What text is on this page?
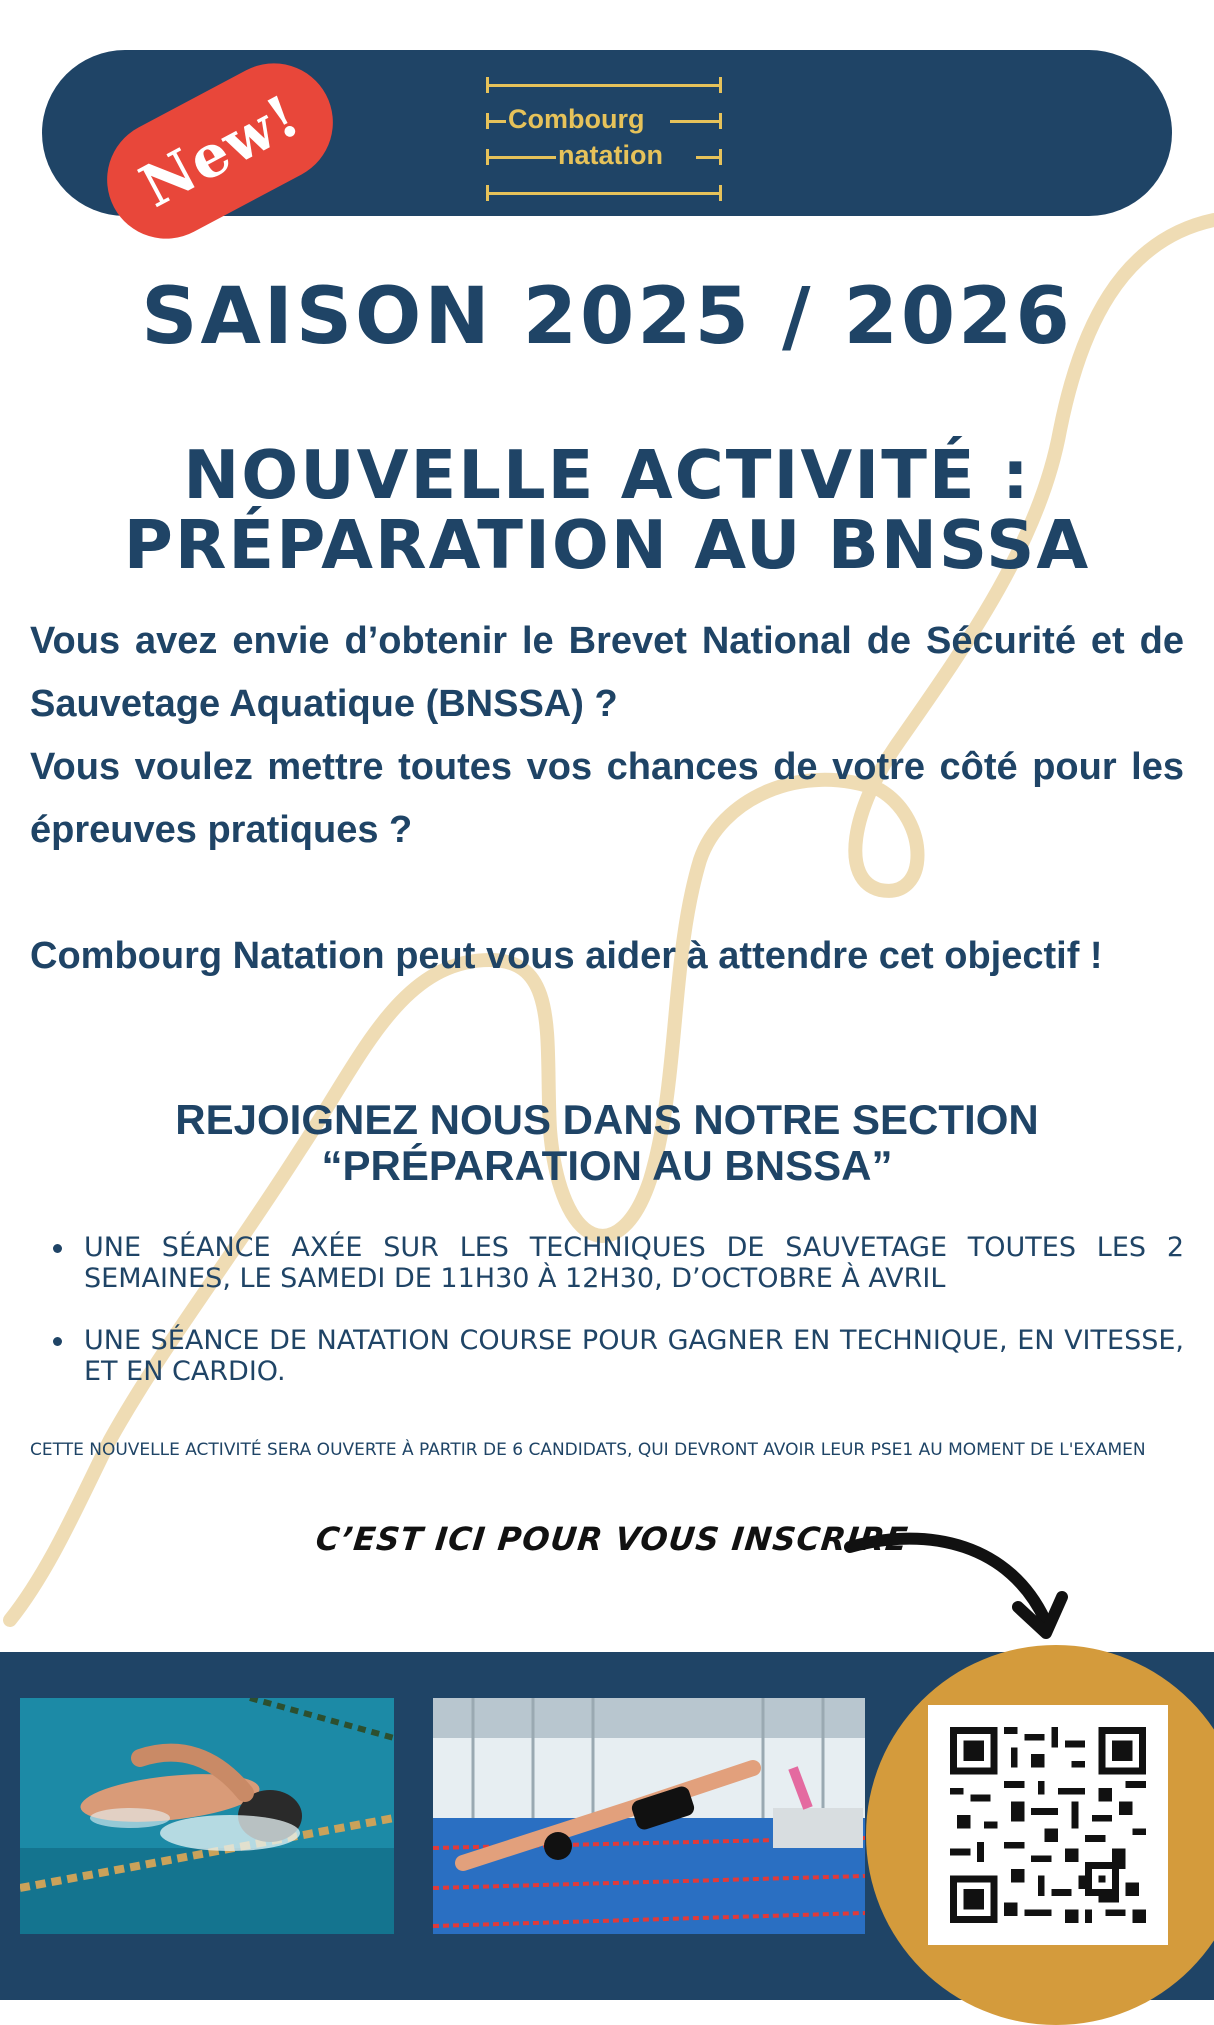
New!	Combourg
natation
SAISON 2025 / 2026
NOUVELLE ACTIVITÉ :
PRÉPARATION AU BNSSA

Vous avez envie d’obtenir le Brevet National de Sécurité et de Sauvetage Aquatique (BNSSA) ?

Vous voulez mettre toutes vos chances de votre côté pour les épreuves pratiques ?

Combourg Natation peut vous aider à attendre cet objectif !

REJOIGNEZ NOUS DANS NOTRE SECTION
“PRÉPARATION AU BNSSA”
UNE SÉANCE AXÉE SUR LES TECHNIQUES DE SAUVETAGE TOUTES LES 2 SEMAINES, LE SAMEDI DE 11H30 À 12H30, D’OCTOBRE À AVRIL
UNE SÉANCE DE NATATION COURSE POUR GAGNER EN TECHNIQUE, EN VITESSE, ET EN CARDIO.

CETTE NOUVELLE ACTIVITÉ SERA OUVERTE À PARTIR DE 6 CANDIDATS, QUI DEVRONT AVOIR LEUR PSE1 AU MOMENT DE L'EXAMEN

C’EST ICI POUR VOUS INSCRIRE
